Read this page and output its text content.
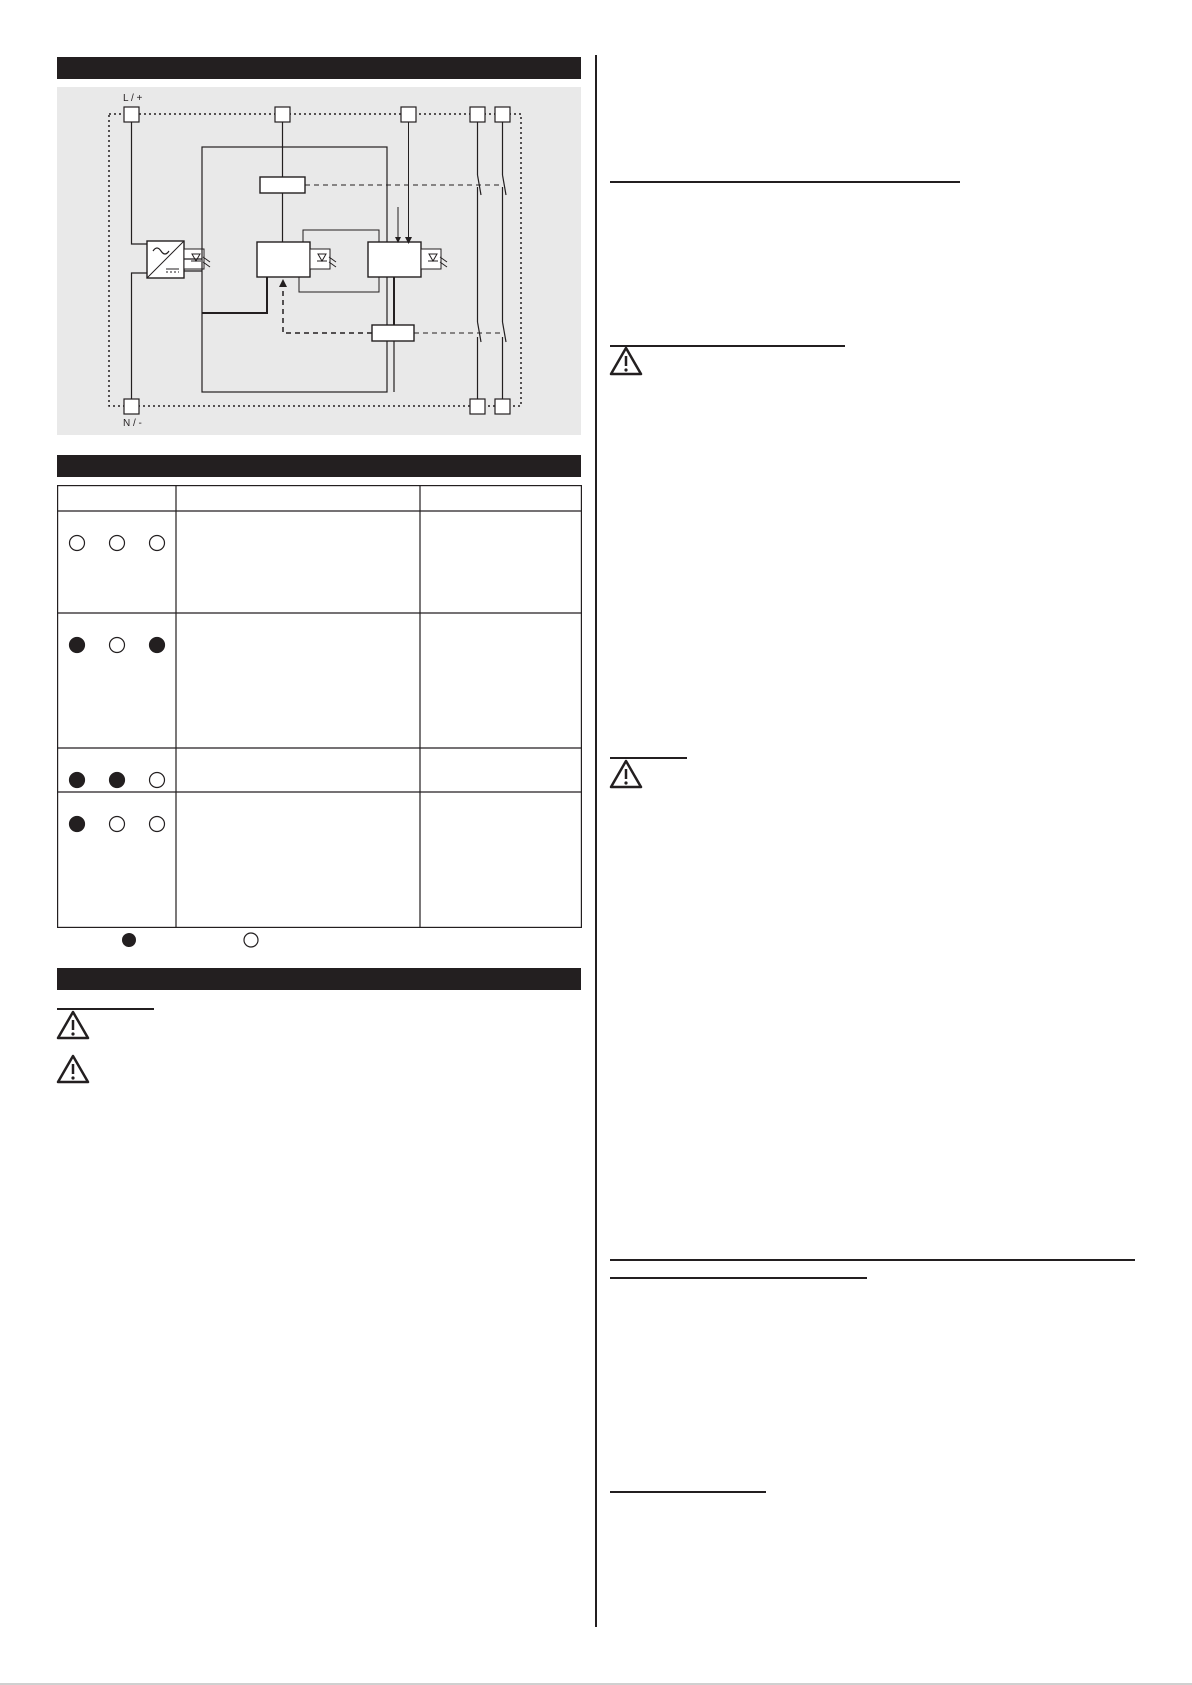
L / +
N / -
